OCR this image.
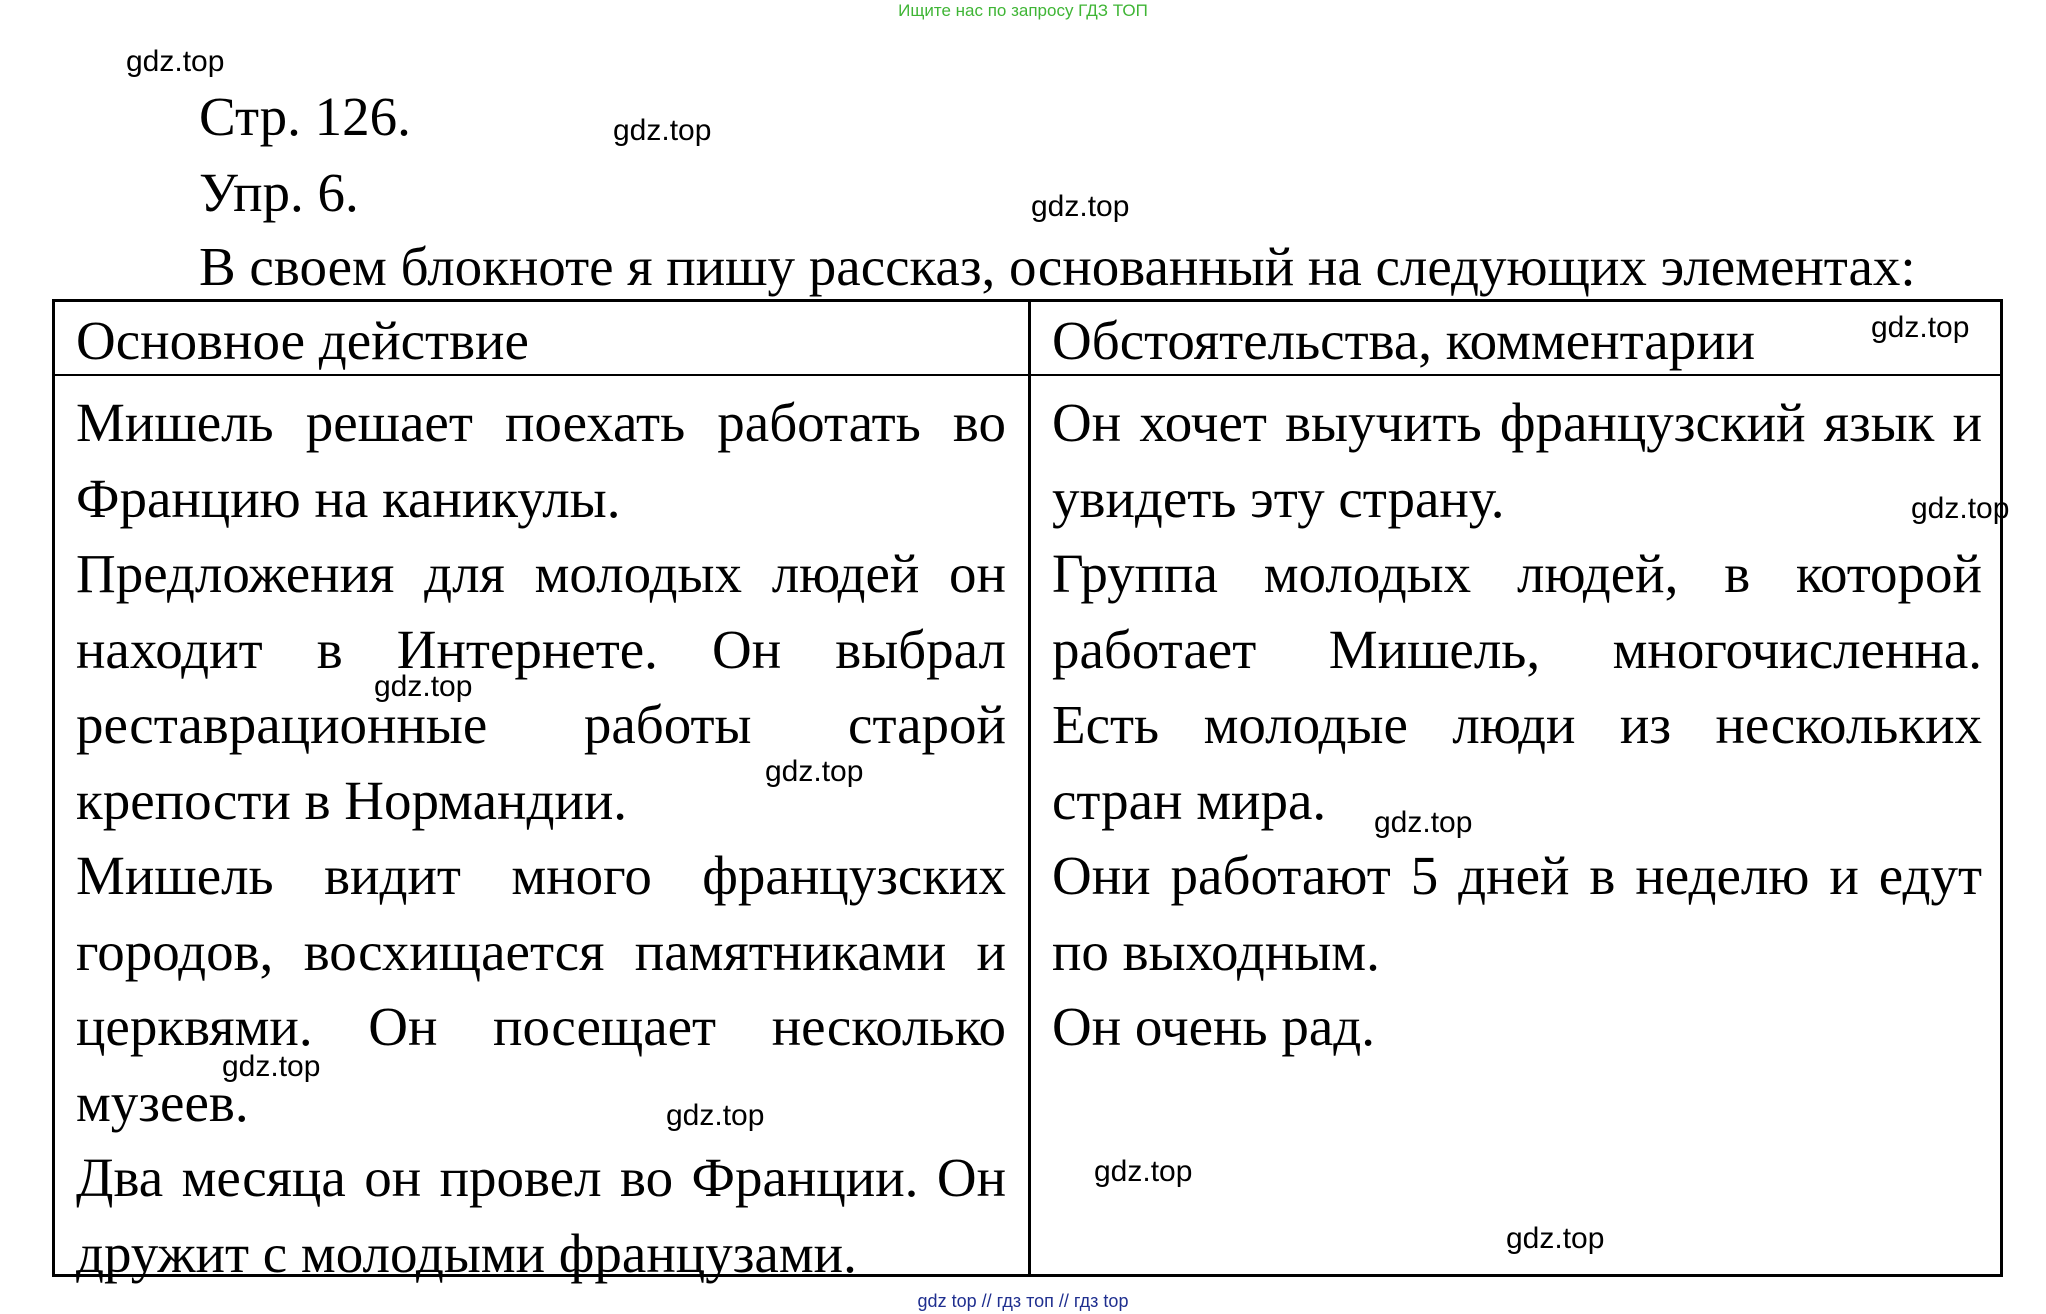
Ищите нас по запросу ГДЗ ТОП
Стр. 126.
Упр. 6.
В своем блокноте я пишу рассказ, основанный на следующих элементах:
Основное действие	Обстоятельства, комментарии

Мишель решает поехать работать во Францию на каникулы.

Предложения для молодых людей он находит в Интернете. Он выбрал реставрационные работы старой крепости в Нормандии.

Мишель видит много французских городов, восхищается памятниками и церквями. Он посещает несколько музеев.

Два месяца он провел во Франции. Он дружит с молодыми французами.

Он хочет выучить французский язык и увидеть эту страну.

Группа молодых людей, в которой работает Мишель, многочисленна. Есть молодые люди из нескольких стран мира.

Они работают 5 дней в неделю и едут по выходным.

Он очень рад.

gdz.top
gdz.top
gdz.top
gdz.top
gdz.top
gdz.top
gdz.top
gdz.top
gdz.top
gdz.top
gdz.top
gdz.top
gdz top // гдз топ // гдз top
